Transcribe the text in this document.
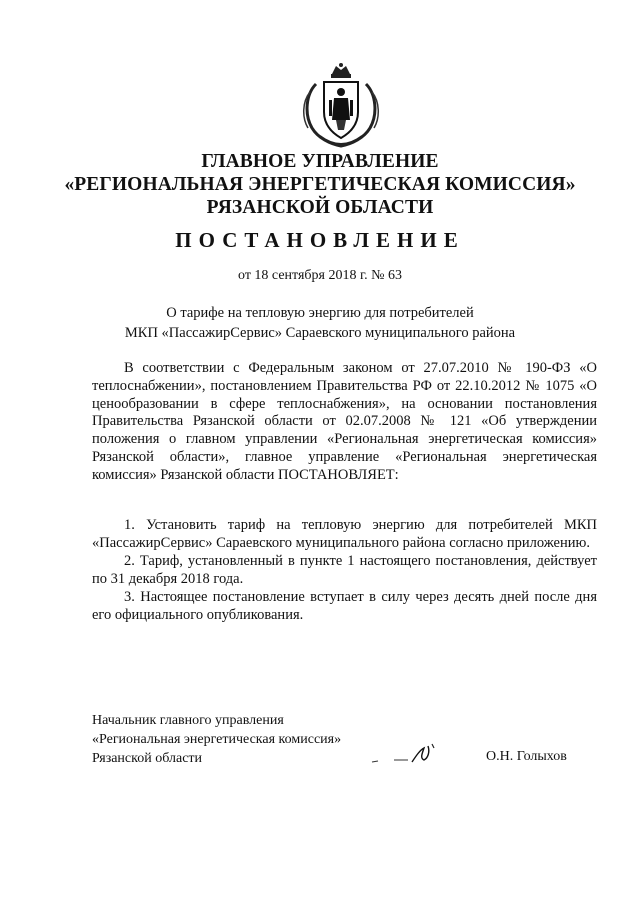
ГЛАВНОЕ УПРАВЛЕНИЕ
«РЕГИОНАЛЬНАЯ ЭНЕРГЕТИЧЕСКАЯ КОМИССИЯ»
РЯЗАНСКОЙ ОБЛАСТИ
ПОСТАНОВЛЕНИЕ
от 18 сентября 2018 г. № 63
О тарифе на тепловую энергию для потребителей
МКП «ПассажирСервис» Сараевского муниципального района
В соответствии с Федеральным законом от 27.07.2010 № 190-ФЗ «О теплоснабжении», постановлением Правительства РФ от 22.10.2012 № 1075 «О ценообразовании в сфере теплоснабжения», на основании постановления Правительства Рязанской области от 02.07.2008 № 121 «Об утверждении положения о главном управлении «Региональная энергетическая комиссия» Рязанской области», главное управление «Региональная энергетическая комиссия» Рязанской области ПОСТАНОВЛЯЕТ:

1. Установить тариф на тепловую энергию для потребителей МКП «ПассажирСервис» Сараевского муниципального района согласно приложению.

2. Тариф, установленный в пункте 1 настоящего постановления, действует по 31 декабря 2018 года.

3. Настоящее постановление вступает в силу через десять дней после дня его официального опубликования.

Начальник главного управления
«Региональная энергетическая комиссия»
Рязанской области	О.Н. Голыхов
